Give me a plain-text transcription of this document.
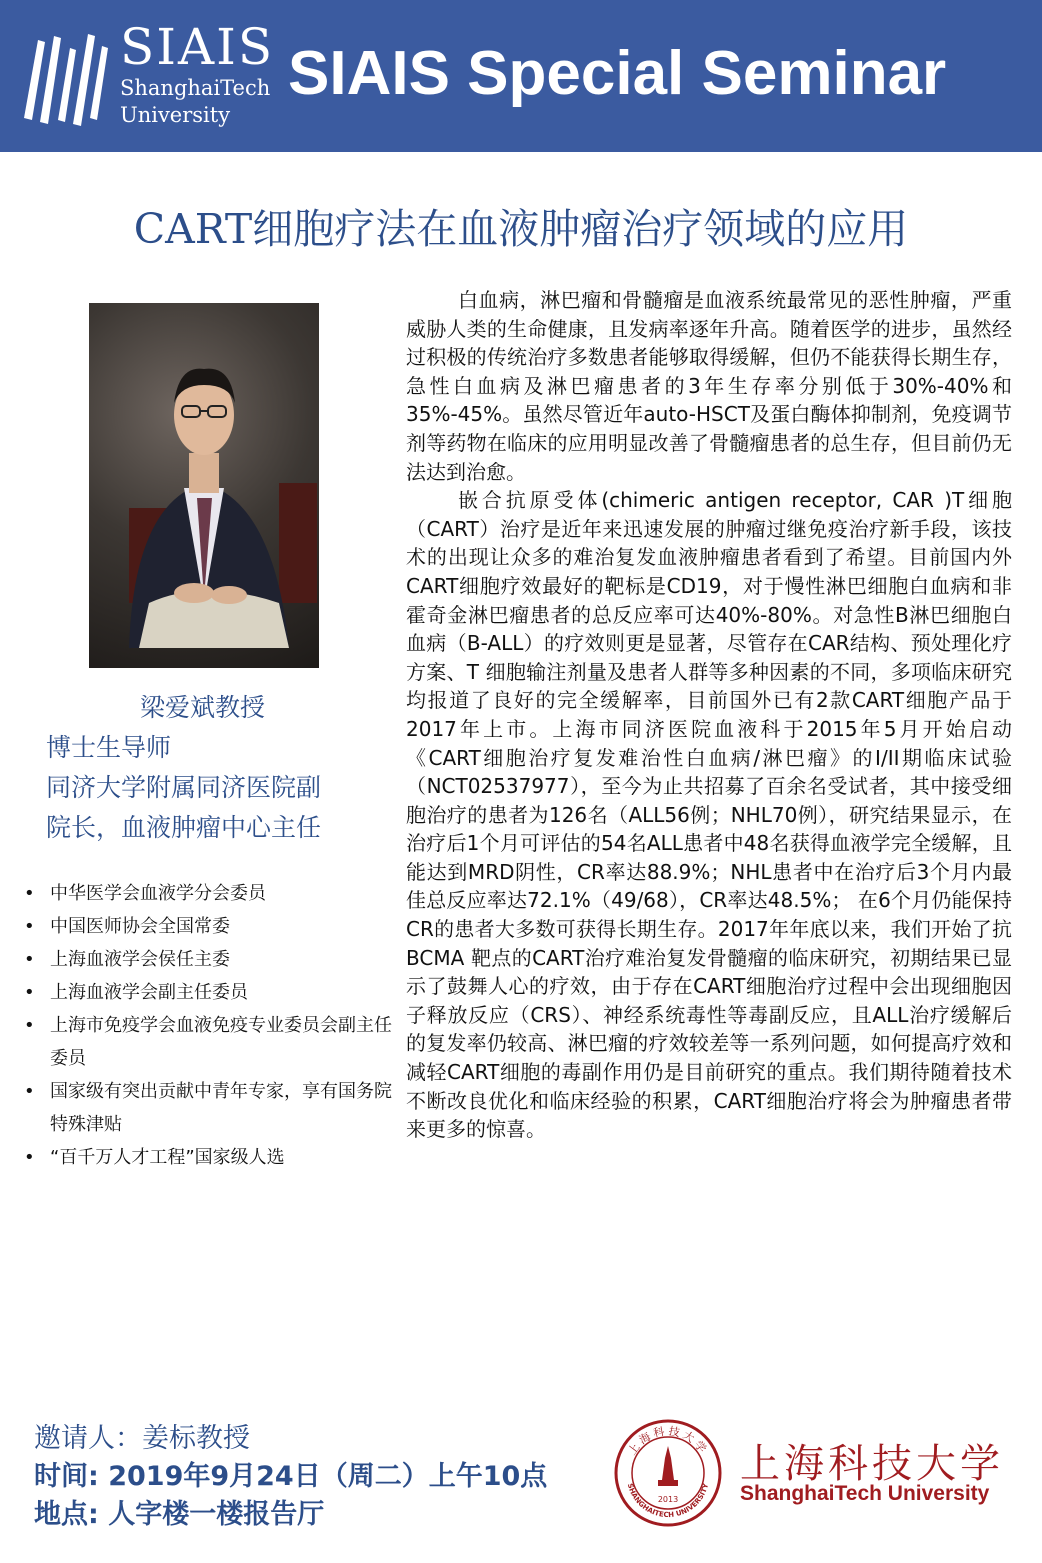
SIAIS
ShanghaiTech
University
SIAIS Special Seminar
CART细胞疗法在血液肿瘤治疗领域的应用
梁爱斌教授
博士生导师
同济大学附属同济医院副
院长，血液肿瘤中心主任
• 中华医学会血液学分会委员
• 中国医师协会全国常委
• 上海血液学会侯任主委
• 上海血液学会副主任委员
• 上海市免疫学会血液免疫专业委员会副主任委员
• 国家级有突出贡献中青年专家，享有国务院特殊津贴
• “百千万人才工程”国家级人选

白血病，淋巴瘤和骨髓瘤是血液系统最常见的恶性肿瘤，严重威胁人类的生命健康，且发病率逐年升高。随着医学的进步，虽然经过积极的传统治疗多数患者能够取得缓解，但仍不能获得长期生存，急性白血病及淋巴瘤患者的3年生存率分别低于30%-40%和35%-45%。虽然尽管近年auto-HSCT及蛋白酶体抑制剂，免疫调节剂等药物在临床的应用明显改善了骨髓瘤患者的总生存，但目前仍无法达到治愈。

嵌合抗原受体(chimeric antigen receptor, CAR )T细胞（CART）治疗是近年来迅速发展的肿瘤过继免疫治疗新手段，该技术的出现让众多的难治复发血液肿瘤患者看到了希望。目前国内外CART细胞疗效最好的靶标是CD19，对于慢性淋巴细胞白血病和非霍奇金淋巴瘤患者的总反应率可达40%-80%。对急性B淋巴细胞白血病（B-ALL）的疗效则更是显著，尽管存在CAR结构、预处理化疗方案、T 细胞输注剂量及患者人群等多种因素的不同，多项临床研究均报道了良好的完全缓解率，目前国外已有2款CART细胞产品于2017年上市。上海市同济医院血液科于2015年5月开始启动《CART细胞治疗复发难治性白血病/淋巴瘤》的I/II期临床试验（NCT02537977），至今为止共招募了百余名受试者，其中接受细胞治疗的患者为126名（ALL56例；NHL70例），研究结果显示，在治疗后1个月可评估的54名ALL患者中48名获得血液学完全缓解，且能达到MRD阴性，CR率达88.9%；NHL患者中在治疗后3个月内最佳总反应率达72.1%（49/68），CR率达48.5%； 在6个月仍能保持CR的患者大多数可获得长期生存。2017年年底以来，我们开始了抗BCMA 靶点的CART治疗难治复发骨髓瘤的临床研究，初期结果已显示了鼓舞人心的疗效，由于存在CART细胞治疗过程中会出现细胞因子释放反应（CRS）、神经系统毒性等毒副反应，且ALL治疗缓解后的复发率仍较高、淋巴瘤的疗效较差等一系列问题，如何提高疗效和减轻CART细胞的毒副作用仍是目前研究的重点。我们期待随着技术不断改良优化和临床经验的积累，CART细胞治疗将会为肿瘤患者带来更多的惊喜。

邀请人：姜标教授
时间: 2019年9月24日（周二）上午10点
地点: 人字楼一楼报告厅
上海科技大学
SHANGHAITECH UNIVERSITY
2013
上海科技大学
ShanghaiTech University
